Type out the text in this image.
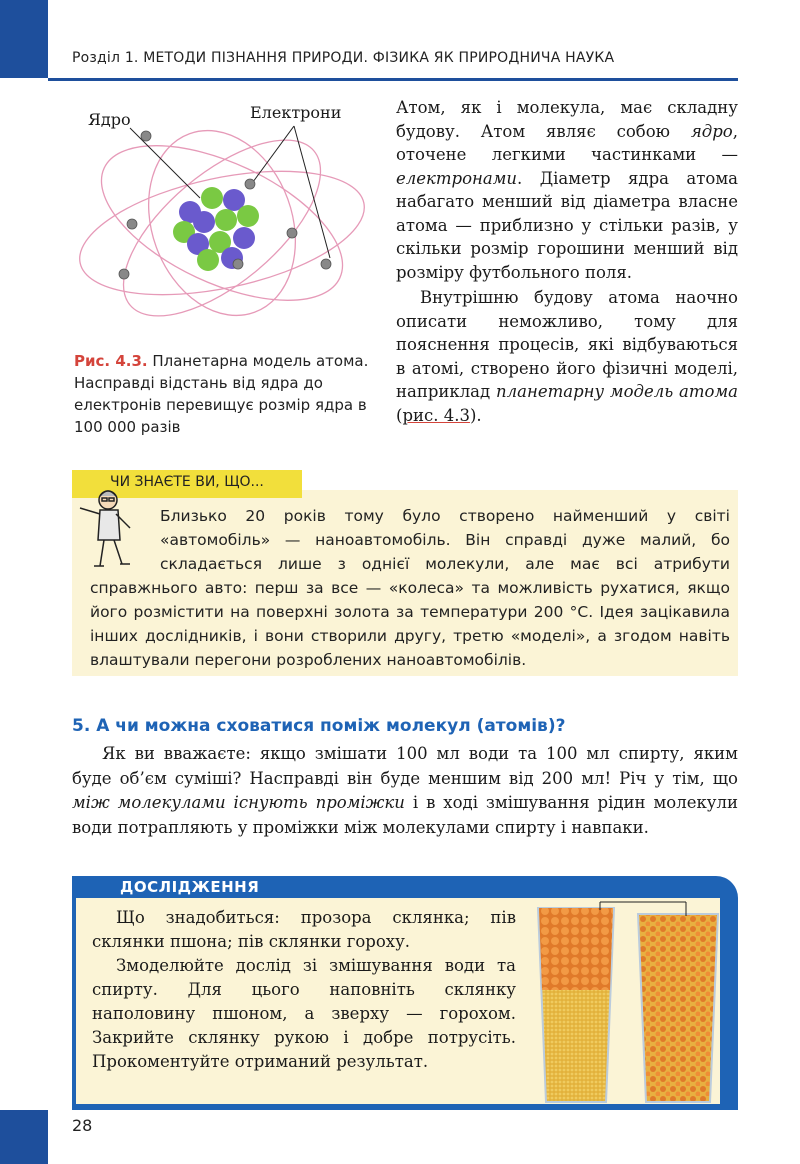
Розділ 1. МЕТОДИ ПІЗНАННЯ ПРИРОДИ. ФІЗИКА ЯК ПРИРОДНИЧА НАУКА
Ядро	Електрони
Рис. 4.3. Планетарна модель атома. Насправді відстань від ядра до електронів перевищує розмір ядра в 100 000 разів

Атом, як і молекула, має складну будову. Атом являє собою ядро, оточене легкими частинками — електронами. Діаметр ядра атома набагато менший від діаметра власне атома — приблизно у стільки разів, у скільки розмір горошини менший від розміру футбольного поля.

Внутрішню будову атома наочно описати неможливо, тому для пояснення процесів, які відбуваються в атомі, створено його фізичні моделі, наприклад планетарну модель атома (рис. 4.3).

ЧИ ЗНАЄТЕ ВИ, ЩО...
Близько 20 років тому було створено найменший у світі «автомобіль» — наноавтомобіль. Він справді дуже малий, бо складається лише з однієї молекули, але має всі атрибути справжнього авто: перш за все — «колеса» та можливість рухатися, якщо його розмістити на поверхні золота за температури 200 °С. Ідея зацікавила інших дослідників, і вони створили другу, третю «моделі», а згодом навіть влаштували перегони розроблених наноавтомобілів.
5. А чи можна сховатися поміж молекул (атомів)?
Як ви вважаєте: якщо змішати 100 мл води та 100 мл спирту, яким буде об’єм суміші? Насправді він буде меншим від 200 мл! Річ у тім, що між молекулами існують проміжки і в ході змішування рідин молекули води потрапляють у проміжки між молекулами спирту і навпаки.
ДОСЛІДЖЕННЯ

Що знадобиться: прозора склянка; пів склянки пшона; пів склянки гороху.

Змоделюйте дослід зі змішування води та спирту. Для цього наповніть склянку наполовину пшоном, а зверху — горохом. Закрийте склянку рукою і добре потрусіть. Прокоментуйте отриманий результат.

28
